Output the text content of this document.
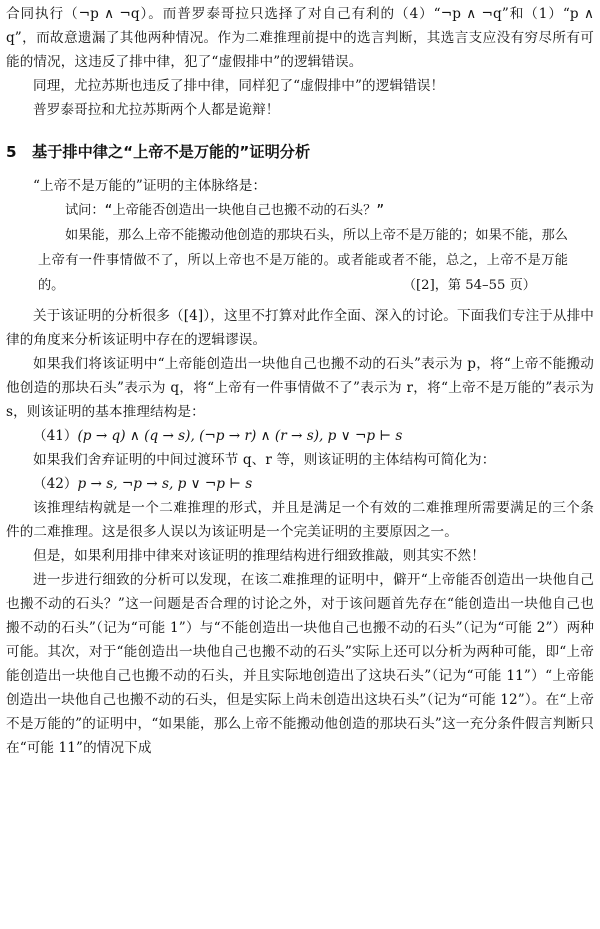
合同执行（¬p ∧ ¬q）。而普罗泰哥拉只选择了对自己有利的（4）“¬p ∧ ¬q”和（1）“p ∧ q”，而故意遗漏了其他两种情况。作为二难推理前提中的选言判断，其选言支应没有穷尽所有可能的情况，这违反了排中律，犯了“虚假排中”的逻辑错误。

同理，尤拉苏斯也违反了排中律，同样犯了“虚假排中”的逻辑错误！

普罗泰哥拉和尤拉苏斯两个人都是诡辩！

5	基于排中律之“上帝不是万能的”证明分析

“上帝不是万能的”证明的主体脉络是：

试问：“上帝能否创造出一块他自己也搬不动的石头？”

如果能，那么上帝不能搬动他创造的那块石头，所以上帝不是万能的；如果不能，那么上帝有一件事情做不了，所以上帝也不是万能的。或者能或者不能，总之，上帝不是万能的。	（[2]，第 54–55 页）

关于该证明的分析很多（[4]），这里不打算对此作全面、深入的讨论。下面我们专注于从排中律的角度来分析该证明中存在的逻辑谬误。

如果我们将该证明中“上帝能创造出一块他自己也搬不动的石头”表示为 p，将“上帝不能搬动他创造的那块石头”表示为 q，将“上帝有一件事情做不了”表示为 r，将“上帝不是万能的”表示为 s，则该证明的基本推理结构是：

（41）(p → q) ∧ (q → s), (¬p → r) ∧ (r → s), p ∨ ¬p ⊢ s

如果我们舍弃证明的中间过渡环节 q、r 等，则该证明的主体结构可简化为：

（42）p → s, ¬p → s, p ∨ ¬p ⊢ s

该推理结构就是一个二难推理的形式，并且是满足一个有效的二难推理所需要满足的三个条件的二难推理。这是很多人误以为该证明是一个完美证明的主要原因之一。

但是，如果利用排中律来对该证明的推理结构进行细致推敲，则其实不然！

进一步进行细致的分析可以发现，在该二难推理的证明中，僻开“上帝能否创造出一块他自己也搬不动的石头？”这一问题是否合理的讨论之外，对于该问题首先存在“能创造出一块他自己也搬不动的石头”（记为“可能 1”）与“不能创造出一块他自己也搬不动的石头”（记为“可能 2”）两种可能。其次，对于“能创造出一块他自己也搬不动的石头”实际上还可以分析为两种可能，即“上帝能创造出一块他自己也搬不动的石头，并且实际地创造出了这块石头”（记为“可能 11”）“上帝能创造出一块他自己也搬不动的石头，但是实际上尚未创造出这块石头”（记为“可能 12”）。在“上帝不是万能的”的证明中，“如果能，那么上帝不能搬动他创造的那块石头”这一充分条件假言判断只在“可能 11”的情况下成
